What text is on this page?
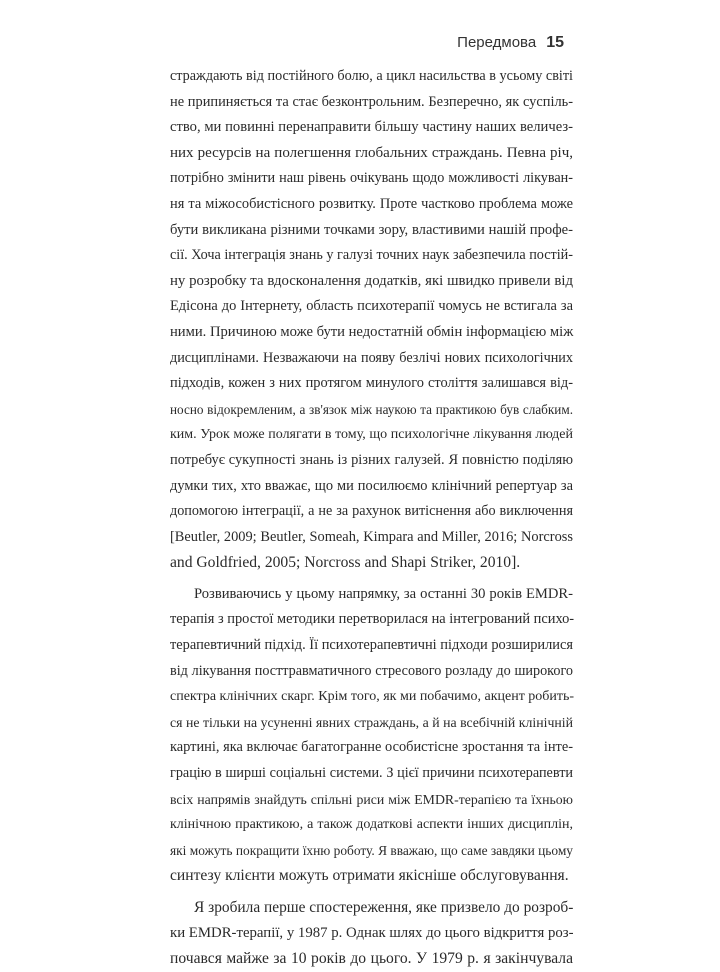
Передмова 15
страждають від постійного болю, а цикл насильства в усьому світі
не припиняється та стає безконтрольним. Безперечно, як суспіль-
ство, ми повинні перенаправити більшу частину наших величез-
них ресурсів на полегшення глобальних страждань. Певна річ,
потрібно змінити наш рівень очікувань щодо можливості лікуван-
ня та міжособистісного розвитку. Проте частково проблема може
бути викликана різними точками зору, властивими нашій профе-
сії. Хоча інтеграція знань у галузі точних наук забезпечила постій-
ну розробку та вдосконалення додатків, які швидко привели від
Едісона до Інтернету, область психотерапії чомусь не встигала за
ними. Причиною може бути недостатній обмін інформацією між
дисциплінами. Незважаючи на появу безлічі нових психологічних
підходів, кожен з них протягом минулого століття залишався від-
носно відокремленим, а зв'язок між наукою та практикою був слабким.
ким. Урок може полягати в тому, що психологічне лікування людей
потребує сукупності знань із різних галузей. Я повністю поділяю
думки тих, хто вважає, що ми посилюємо клінічний репертуар за
допомогою інтеграції, а не за рахунок витіснення або виключення
[Beutler, 2009; Beutler, Someah, Kimpara and Miller, 2016; Norcross
and Goldfried, 2005; Norcross and Shapi Striker, 2010].
Розвиваючись у цьому напрямку, за останні 30 років EMDR-
терапія з простої методики перетворилася на інтегрований психо-
терапевтичний підхід. Її психотерапевтичні підходи розширилися
від лікування посттравматичного стресового розладу до широкого
спектра клінічних скарг. Крім того, як ми побачимо, акцент робить-
ся не тільки на усуненні явних страждань, а й на всебічній клінічній
картині, яка включає багатогранне особистісне зростання та інте-
грацію в ширші соціальні системи. З цієї причини психотерапевти
всіх напрямів знайдуть спільні риси між EMDR-терапією та їхньою
клінічною практикою, а також додаткові аспекти інших дисциплін,
які можуть покращити їхню роботу. Я вважаю, що саме завдяки цьому
синтезу клієнти можуть отримати якісніше обслуговування.
Я зробила перше спостереження, яке призвело до розроб-
ки EMDR-терапії, у 1987 р. Однак шлях до цього відкриття роз-
почався майже за 10 років до цього. У 1979 р. я закінчувала
